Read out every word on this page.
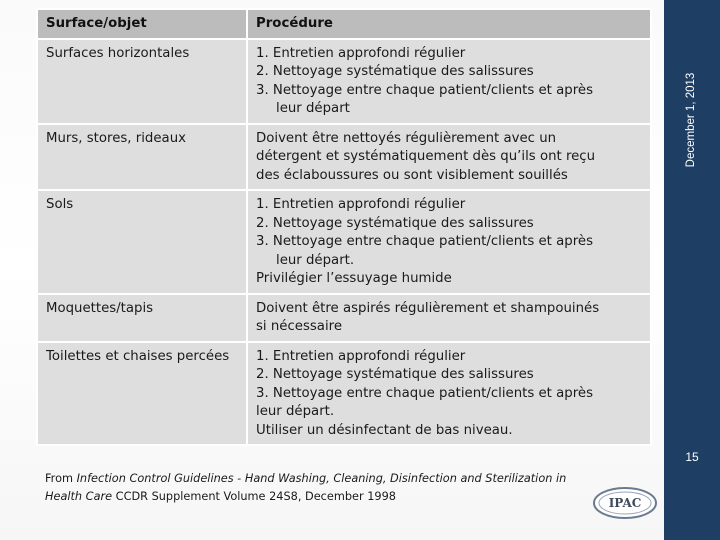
December 1, 2013
15
Surface/objet	Procédure
Surfaces horizontales	1. Entretien approfondi régulier
2. Nettoyage systématique des salissures
3. Nettoyage entre chaque patient/clients et après
leur départ

Murs, stores, rideaux	Doivent être nettoyés régulièrement avec un
détergent et systématiquement dès qu’ils ont reçu
des éclaboussures ou sont visiblement souillés

Sols	1. Entretien approfondi régulier
2. Nettoyage systématique des salissures
3. Nettoyage entre chaque patient/clients et après
leur départ.
Privilégier l’essuyage humide

Moquettes/tapis	Doivent être aspirés régulièrement et shampouinés
si nécessaire

Toilettes et chaises percées	1. Entretien approfondi régulier
2. Nettoyage systématique des salissures
3. Nettoyage entre chaque patient/clients et après
leur départ.
Utiliser un désinfectant de bas niveau.
From Infection Control Guidelines - Hand Washing, Cleaning, Disinfection and Sterilization in Health Care CCDR Supplement Volume 24S8, December 1998	IPAC
